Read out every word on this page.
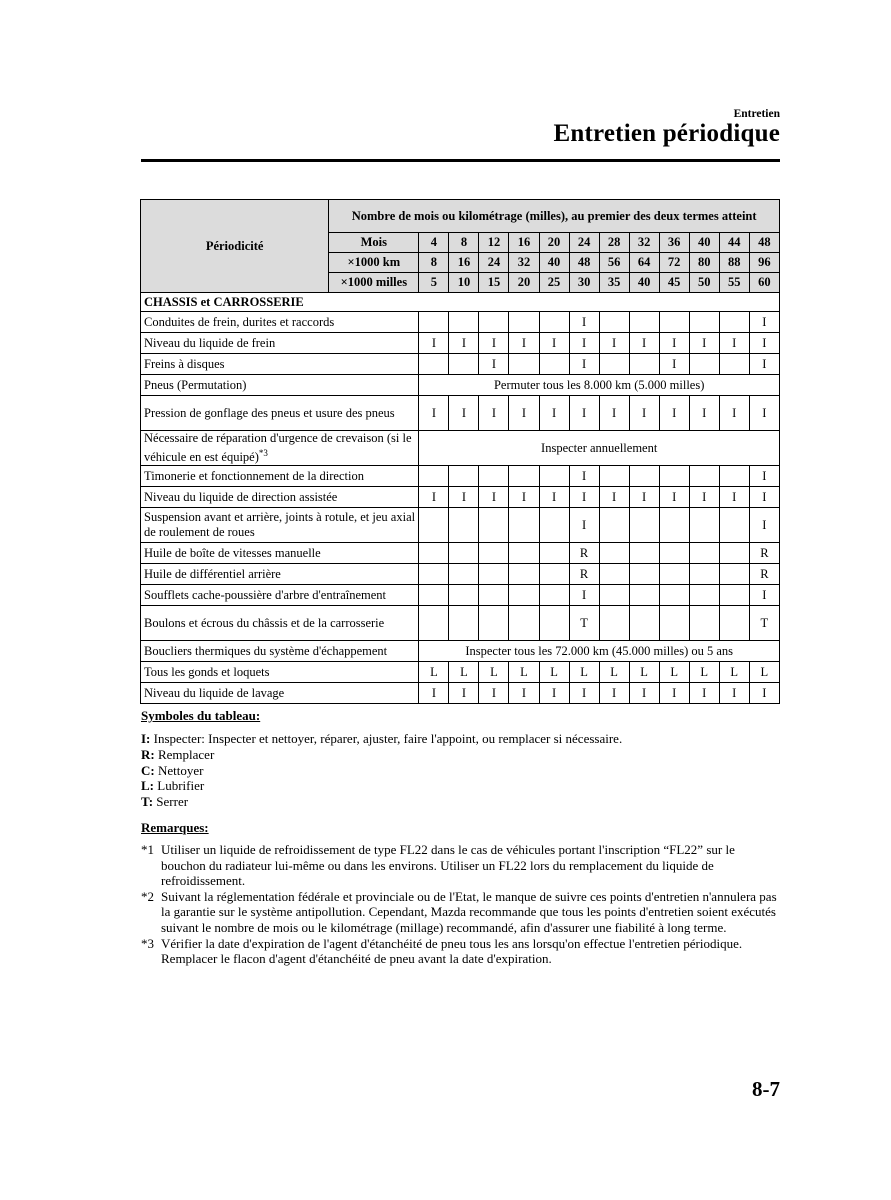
Entretien
Entretien périodique
Périodicité	Nombre de mois ou kilométrage (milles), au premier des deux termes atteint												
	Mois	4	8	12	16	20	24	28	32	36	40	44	48
	×1000 km	8	16	24	32	40	48	56	64	72	80	88	96
	×1000 milles	5	10	15	20	25	30	35	40	45	50	55	60
CHASSIS et CARROSSERIE													
Conduites de frein, durites et raccords							I						I
Niveau du liquide de frein		I	I	I	I	I	I	I	I	I	I	I	I
Freins à disques				I			I			I			I
Pneus (Permutation)		Permuter tous les 8.000 km (5.000 milles)											
Pression de gonflage des pneus et usure des pneus		I	I	I	I	I	I	I	I	I	I	I	I
Nécessaire de réparation d'urgence de crevaison (si le véhicule en est équipé)$^{*3}$		Inspecter annuellement											
Timonerie et fonctionnement de la direction							I						I
Niveau du liquide de direction assistée		I	I	I	I	I	I	I	I	I	I	I	I
Suspension avant et arrière, joints à rotule, et jeu axial de roulement de roues							I						I
Huile de boîte de vitesses manuelle							R						R
Huile de différentiel arrière							R						R
Soufflets cache-poussière d'arbre d'entraînement							I						I
Boulons et écrous du châssis et de la carrosserie							T						T
Boucliers thermiques du système d'échappement		Inspecter tous les 72.000 km (45.000 milles) ou 5 ans											
Tous les gonds et loquets		L	L	L	L	L	L	L	L	L	L	L	L
Niveau du liquide de lavage		I	I	I	I	I	I	I	I	I	I	I	I
Symboles du tableau:
I: Inspecter: Inspecter et nettoyer, réparer, ajuster, faire l'appoint, ou remplacer si nécessaire.
R: Remplacer
C: Nettoyer
L: Lubrifier
T: Serrer
Remarques:
*1 Utiliser un liquide de refroidissement de type FL22 dans le cas de véhicules portant l'inscription “FL22” sur le bouchon du radiateur lui-même ou dans les environs. Utiliser un FL22 lors du remplacement du liquide de refroidissement.
*2 Suivant la réglementation fédérale et provinciale ou de l'Etat, le manque de suivre ces points d'entretien n'annulera pas la garantie sur le système antipollution. Cependant, Mazda recommande que tous les points d'entretien soient exécutés suivant le nombre de mois ou le kilométrage (millage) recommandé, afin d'assurer une fiabilité à long terme.
*3 Vérifier la date d'expiration de l'agent d'étanchéité de pneu tous les ans lorsqu'on effectue l'entretien périodique. Remplacer le flacon d'agent d'étanchéité de pneu avant la date d'expiration.
8-7
